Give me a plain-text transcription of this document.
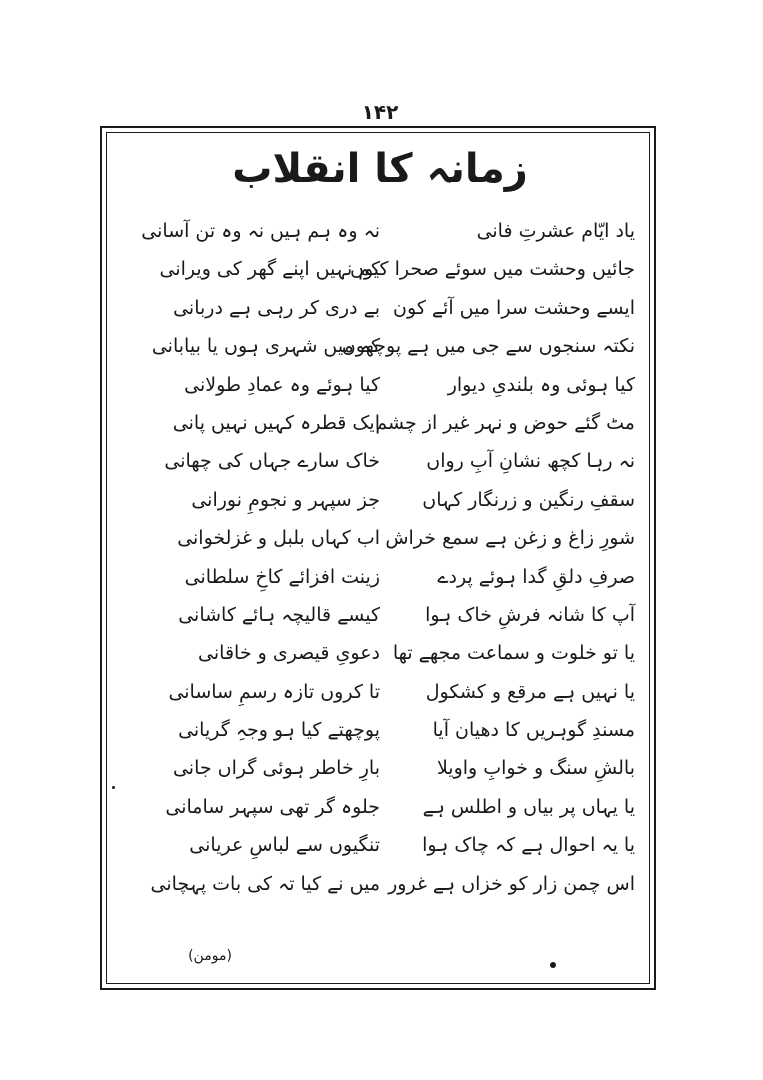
۱۴۲
زمانہ کا انقلاب
یاد ایّام عشرتِ فانی
جائیں وحشت میں سوئے صحرا کیوں
ایسے وحشت سرا میں آئے کون
نکتہ سنجوں سے جی میں ہے پوچھوں
کیا ہوئی وہ بلندیِ دیوار
مٹ گئے حوض و نہر غیر از چشم
نہ رہا کچھ نشانِ آبِ رواں
سقفِ رنگین و زرنگار کہاں
شورِ زاغ و زغن ہے سمع خراش
صرفِ دلقِ گدا ہوئے پردے
آپ کا شانہ فرشِ خاک ہوا
یا تو خلوت و سماعت مجھے تھا
یا نہیں ہے مرقع و کشکول
مسندِ گوہریں کا دھیان آیا
بالشِ سنگ و خوابِ واویلا
یا یہاں پر بیاں و اطلس ہے
یا یہ احوال ہے کہ چاک ہوا
اس چمن زار کو خزاں ہے غرور
نہ وہ ہم ہیں نہ وہ تن آسانی
کم نہیں اپنے گھر کی ویرانی
بے دری کر رہی ہے دربانی
کہ میں شہری ہوں یا بیابانی
کیا ہوئے وہ عمادِ طولانی
ایک قطرہ کہیں نہیں پانی
خاک سارے جہاں کی چھانی
جز سپہر و نجومِ نورانی
اب کہاں بلبل و غزلخوانی
زینت افزائے کاخِ سلطانی
کیسے قالیچہ ہائے کاشانی
دعویِ قیصری و خاقانی
تا کروں تازہ رسمِ ساسانی
پوچھتے کیا ہو وجہِ گریانی
بارِ خاطر ہوئی گراں جانی
جلوہ گر تھی سپہر سامانی
تنگیوں سے لباسِ عریانی
میں نے کیا تہ کی بات پہچانی
(مومن)
